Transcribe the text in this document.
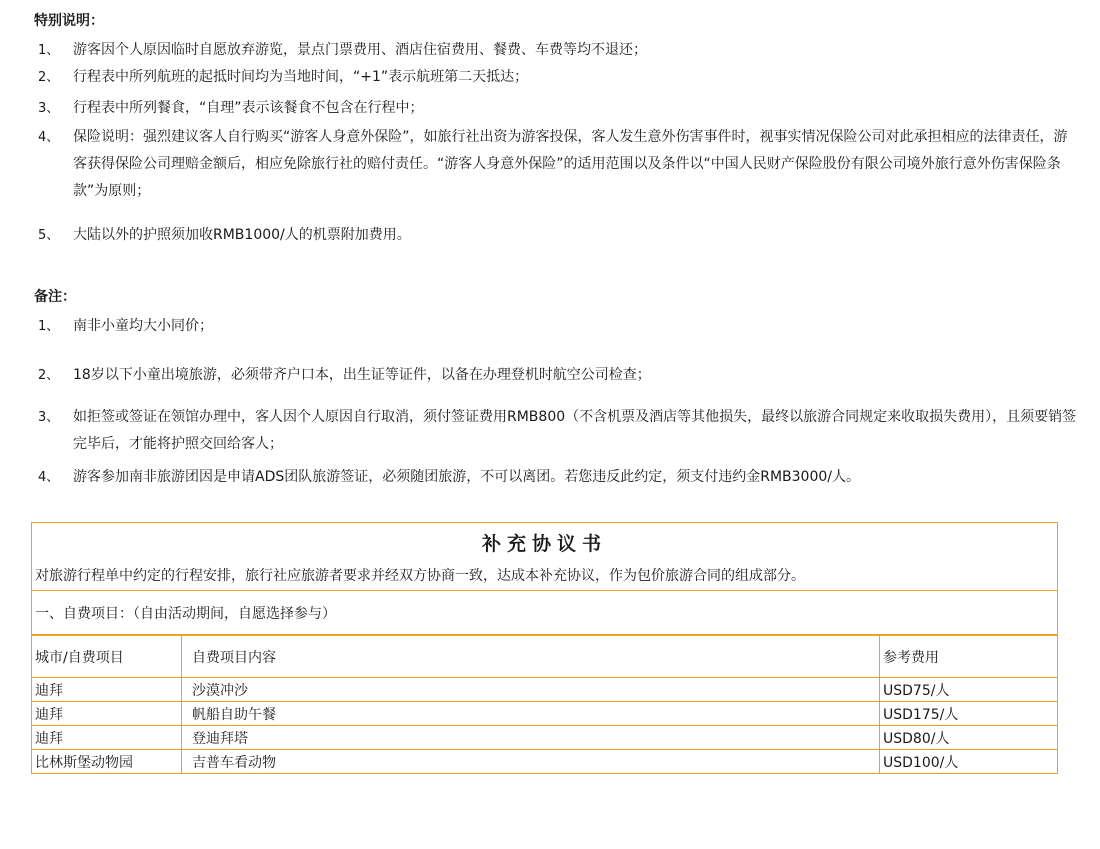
特别说明：
1、 游客因个人原因临时自愿放弃游览，景点门票费用、酒店住宿费用、餐费、车费等均不退还；
2、 行程表中所列航班的起抵时间均为当地时间，“+1”表示航班第二天抵达；
3、 行程表中所列餐食，“自理”表示该餐食不包含在行程中；
4、 保险说明：强烈建议客人自行购买“游客人身意外保险”，如旅行社出资为游客投保，客人发生意外伤害事件时，视事实情况保险公司对此承担相应的法律责任，游客获得保险公司理赔金额后，相应免除旅行社的赔付责任。“游客人身意外保险”的适用范围以及条件以“中国人民财产保险股份有限公司境外旅行意外伤害保险条款”为原则；
5、 大陆以外的护照须加收RMB1000/人的机票附加费用。
备注：
1、 南非小童均大小同价；
2、 18岁以下小童出境旅游，必须带齐户口本，出生证等证件，以备在办理登机时航空公司检查；
3、 如拒签或签证在领馆办理中，客人因个人原因自行取消，须付签证费用RMB800（不含机票及酒店等其他损失，最终以旅游合同规定来收取损失费用），且须要销签完毕后，才能将护照交回给客人；
4、 游客参加南非旅游团因是申请ADS团队旅游签证，必须随团旅游，不可以离团。若您违反此约定，须支付违约金RMB3000/人。
补充协议书
对旅游行程单中约定的行程安排，旅行社应旅游者要求并经双方协商一致，达成本补充协议，作为包价旅游合同的组成部分。
一、自费项目：（自由活动期间，自愿选择参与）
城市/自费项目	自费项目内容	参考费用
迪拜	沙漠冲沙	USD75/人
迪拜	帆船自助午餐	USD175/人
迪拜	登迪拜塔	USD80/人
比林斯堡动物园	吉普车看动物	USD100/人
